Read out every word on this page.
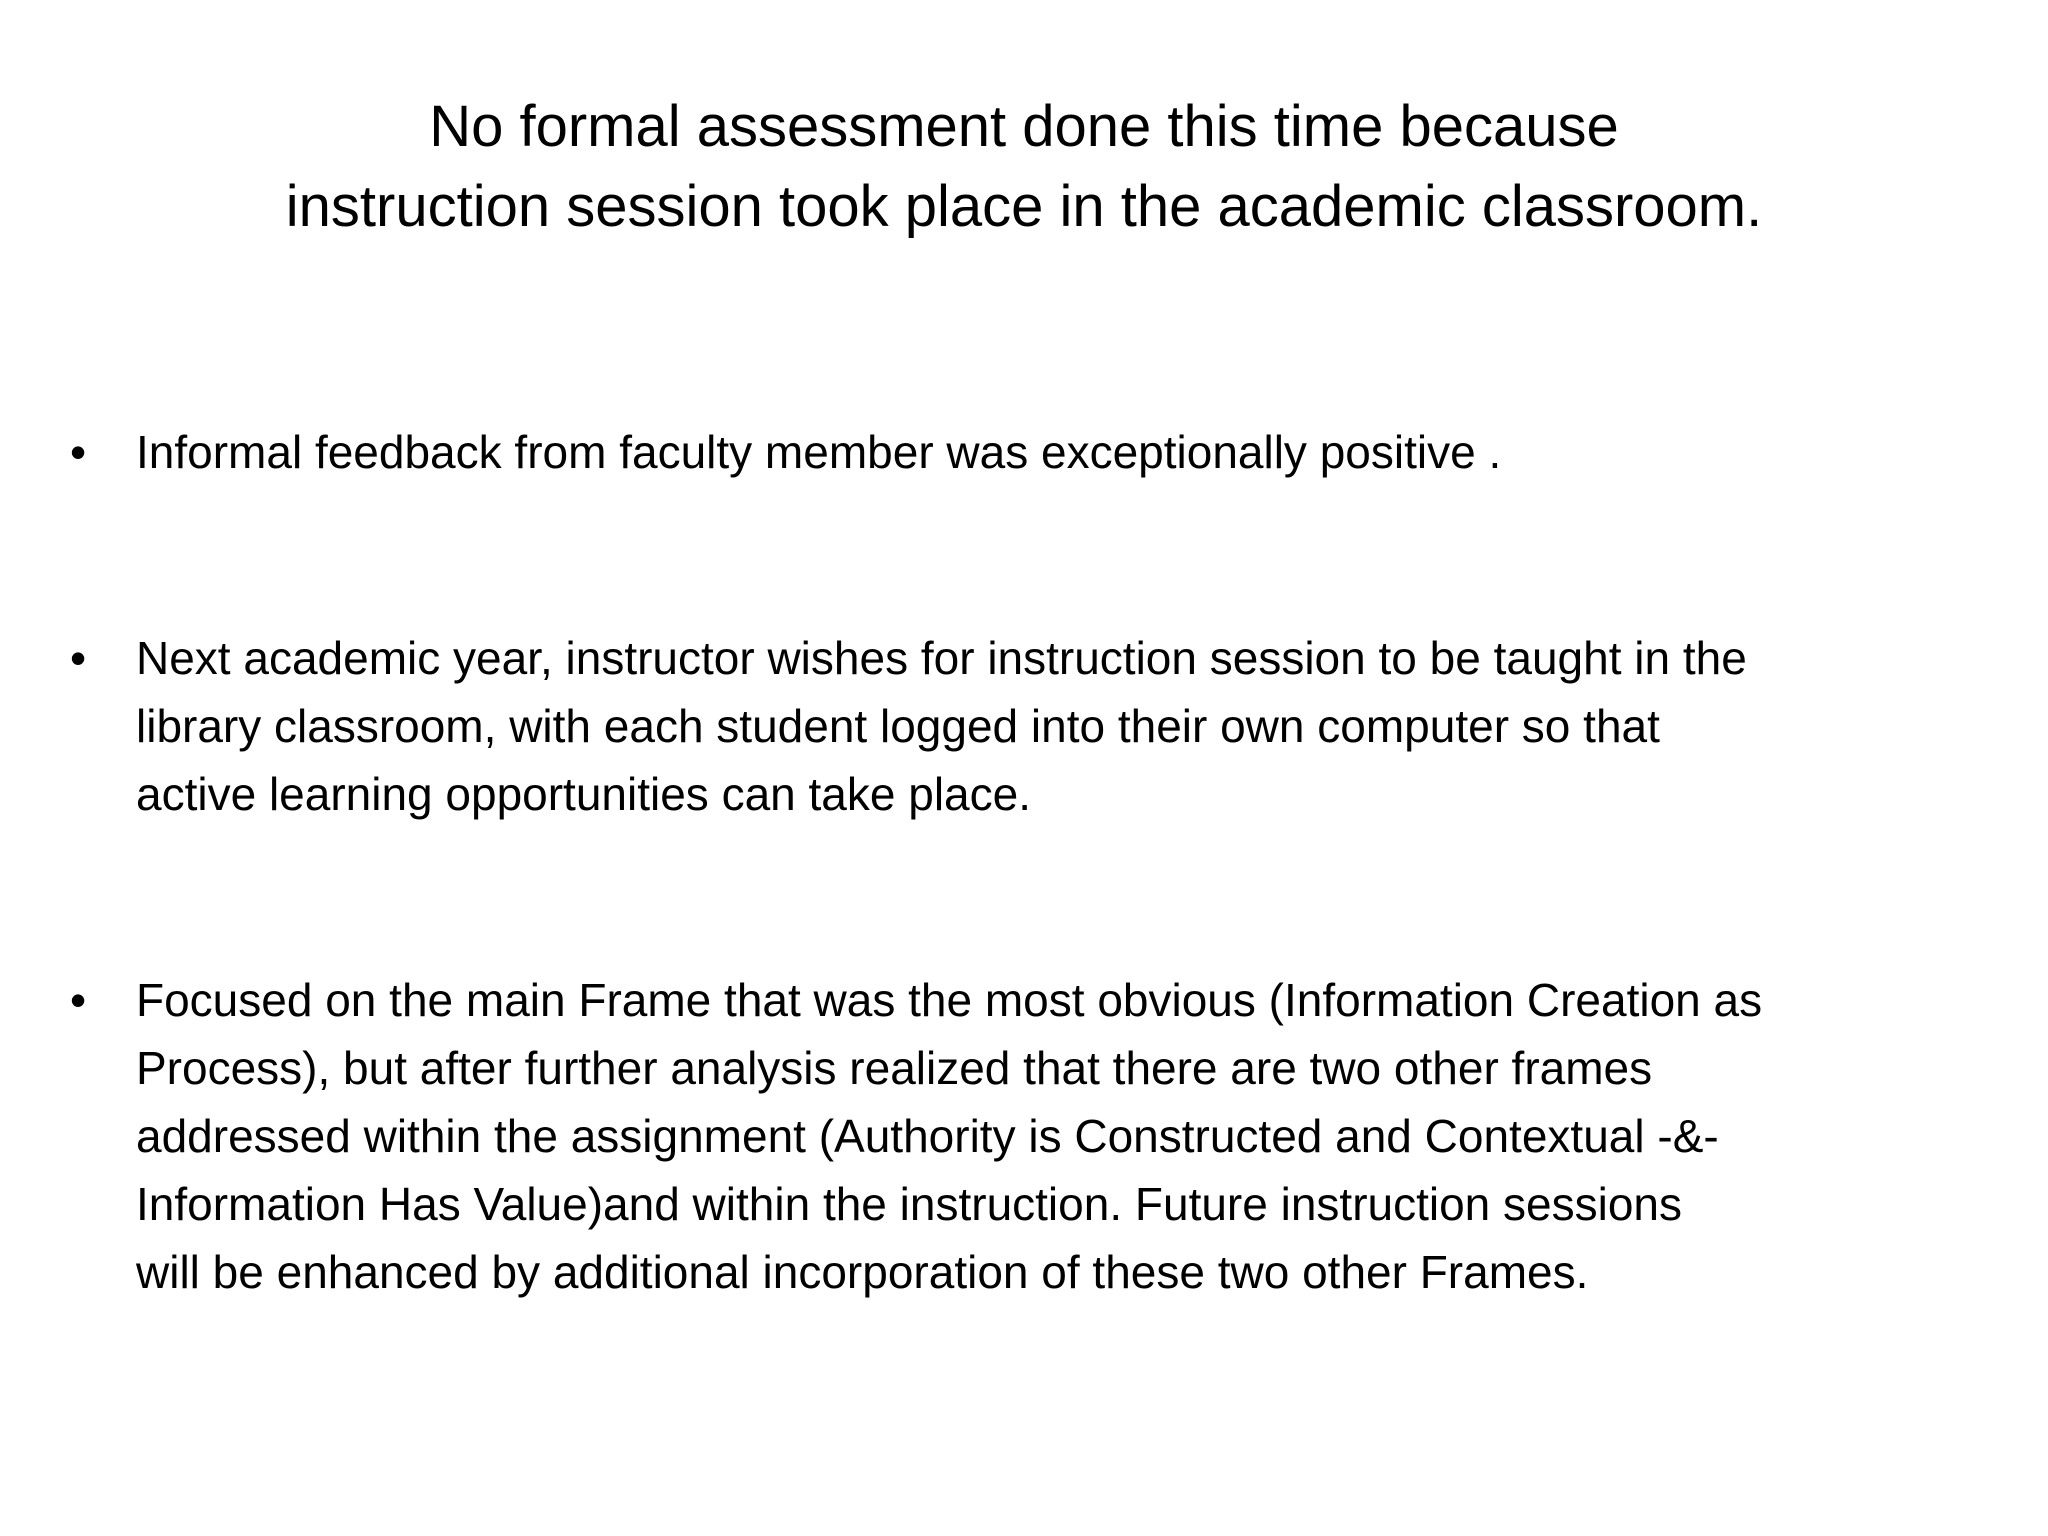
No formal assessment done this time because
instruction session took place in the academic classroom.
• Informal feedback from faculty member was exceptionally positive .
• Next academic year, instructor wishes for instruction session to be taught in the
library classroom, with each student logged into their own computer so that
active learning opportunities can take place.
• Focused on the main Frame that was the most obvious (Information Creation as
Process), but after further analysis realized that there are two other frames
addressed within the assignment (Authority is Constructed and Contextual -&-
Information Has Value)and within the instruction. Future instruction sessions
will be enhanced by additional incorporation of these two other Frames.
